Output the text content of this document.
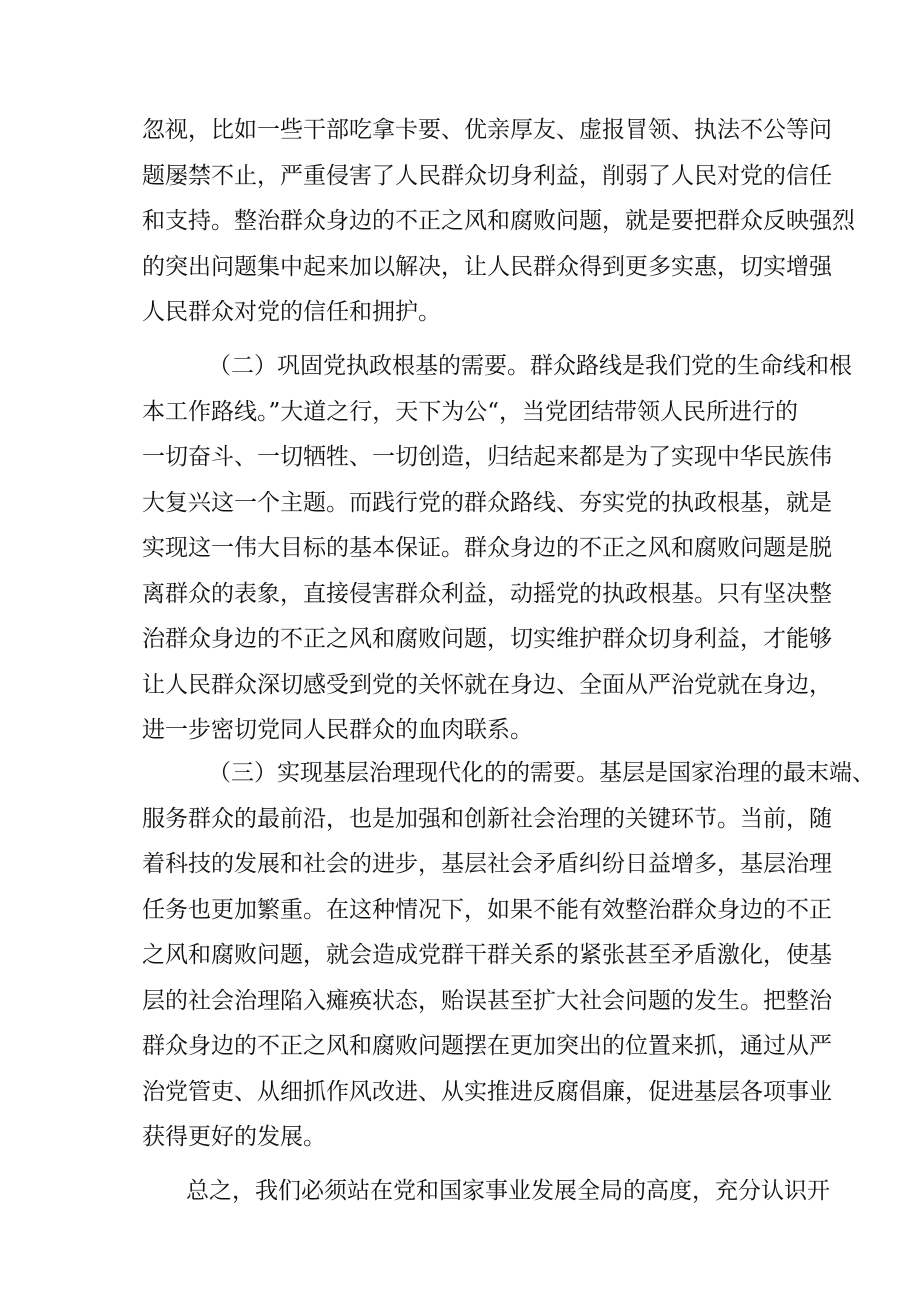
忽视，比如一些干部吃拿卡要、优亲厚友、虚报冒领、执法不公等问
题屡禁不止，严重侵害了人民群众切身利益，削弱了人民对党的信任
和支持。整治群众身边的不正之风和腐败问题，就是要把群众反映强烈
的突出问题集中起来加以解决，让人民群众得到更多实惠，切实增强
人民群众对党的信任和拥护。
（二）巩固党执政根基的需要。群众路线是我们党的生命线和根
本工作路线。”大道之行，天下为公“，当党团结带领人民所进行的
一切奋斗、一切牺牲、一切创造，归结起来都是为了实现中华民族伟
大复兴这一个主题。而践行党的群众路线、夯实党的执政根基，就是
实现这一伟大目标的基本保证。群众身边的不正之风和腐败问题是脱
离群众的表象，直接侵害群众利益，动摇党的执政根基。只有坚决整
治群众身边的不正之风和腐败问题，切实维护群众切身利益，才能够
让人民群众深切感受到党的关怀就在身边、全面从严治党就在身边，
进一步密切党同人民群众的血肉联系。
（三）实现基层治理现代化的的需要。基层是国家治理的最末端、
服务群众的最前沿，也是加强和创新社会治理的关键环节。当前，随
着科技的发展和社会的进步，基层社会矛盾纠纷日益增多，基层治理
任务也更加繁重。在这种情况下，如果不能有效整治群众身边的不正
之风和腐败问题，就会造成党群干群关系的紧张甚至矛盾激化，使基
层的社会治理陷入瘫痪状态，贻误甚至扩大社会问题的发生。把整治
群众身边的不正之风和腐败问题摆在更加突出的位置来抓，通过从严
治党管吏、从细抓作风改进、从实推进反腐倡廉，促进基层各项事业
获得更好的发展。
总之，我们必须站在党和国家事业发展全局的高度，充分认识开
